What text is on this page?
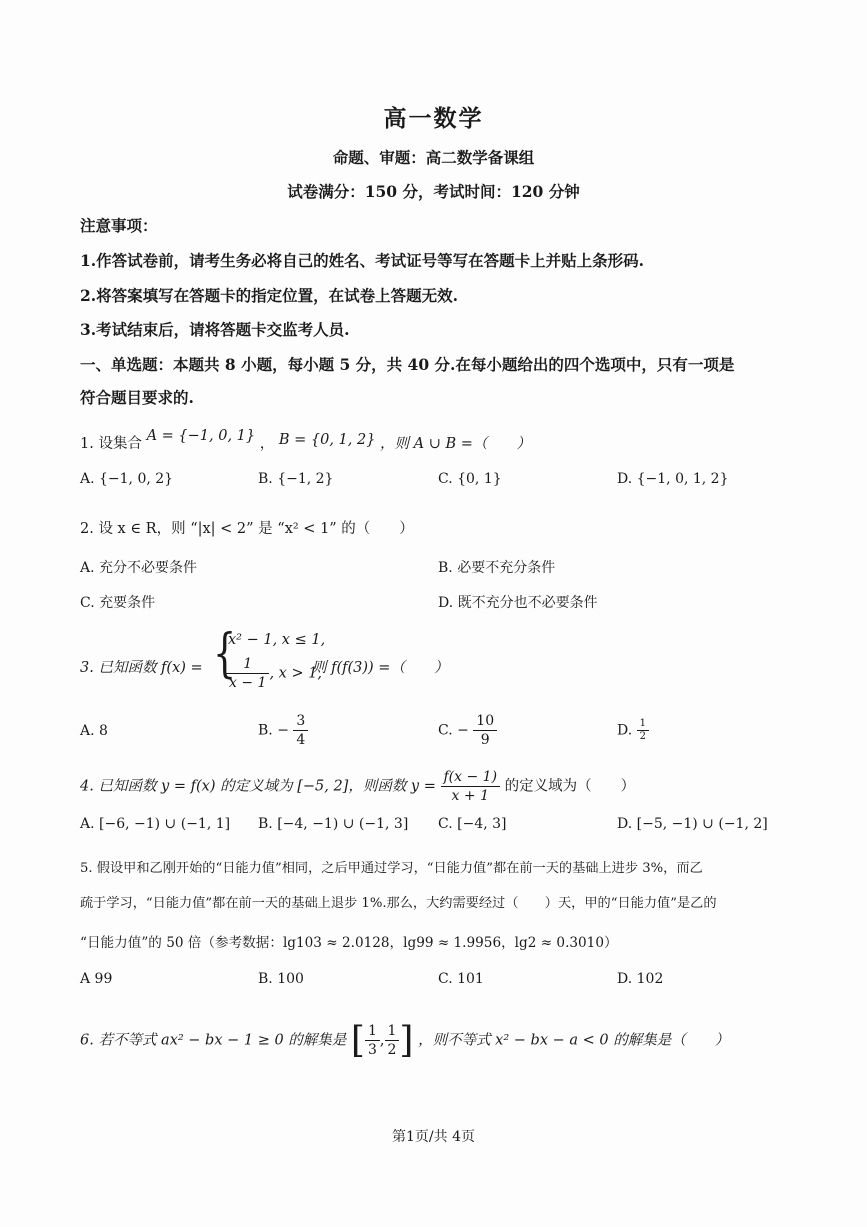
高一数学
命题、审题：高二数学备课组
试卷满分：150 分，考试时间：120 分钟
注意事项：
1.作答试卷前，请考生务必将自己的姓名、考试证号等写在答题卡上并贴上条形码.
2.将答案填写在答题卡的指定位置，在试卷上答题无效.
3.考试结束后，请将答题卡交监考人员.
一、单选题：本题共 8 小题，每小题 5 分，共 40 分.在每小题给出的四个选项中，只有一项是
符合题目要求的.
1. 设集合 A = {−1, 0, 1} ， B = {0, 1, 2} ，则 A ∪ B =（　　）
A. {−1, 0, 2}	B. {−1, 2}	C. {0, 1}	D. {−1, 0, 1, 2}
2. 设 x ∈ R，则 “|x| < 2” 是 “x² < 1” 的（　　）
A. 充分不必要条件	B. 必要不充分条件
C. 充要条件	D. 既不充分也不必要条件
3. 已知函数 f(x) = {
x² − 1, x ≤ 1,
$\frac{1}{x - 1}$ , x > 1,
则 f(f(3)) =（　　）
A. 8	B. − $\frac{3}{4}$	C. − $\frac{10}{9}$	D. $\frac{1}{2}$
4. 已知函数 y = f(x) 的定义域为 [−5, 2]，则函数 $y = \frac{f(x - 1)}{x + 1}$ 的定义域为（　　）
A. [−6, −1) ∪ (−1, 1] B. [−4, −1) ∪ (−1, 3] C. [−4, 3]	D. [−5, −1) ∪ (−1, 2]
5. 假设甲和乙刚开始的“日能力值”相同，之后甲通过学习，“日能力值”都在前一天的基础上进步 3%，而乙
疏于学习，“日能力值”都在前一天的基础上退步 1%.那么，大约需要经过（　　）天，甲的“日能力值”是乙的
“日能力值”的 50 倍（参考数据：lg103 ≈ 2.0128，lg99 ≈ 1.9956，lg2 ≈ 0.3010）
A 99	B. 100	C. 101	D. 102
6. 若不等式 ax² − bx − 1 ≥ 0 的解集是 [ $\frac{1}{3}$ , $\frac{1}{2}$ ] ，则不等式 x² − bx − a < 0 的解集是（　　）
第1页/共 4页
